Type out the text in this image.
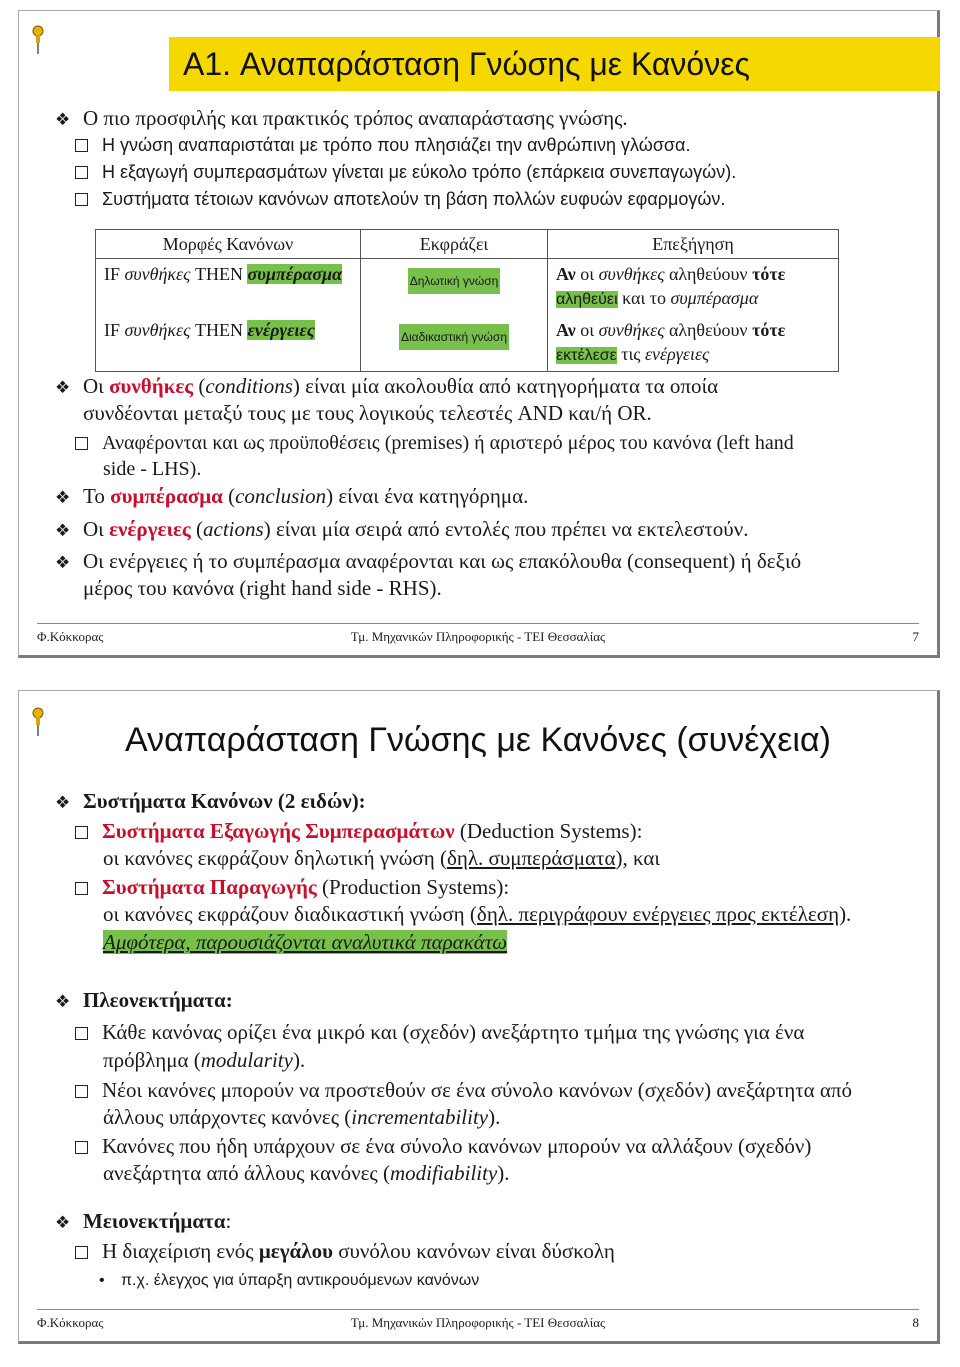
A1. Αναπαράσταση Γνώσης με Κανόνες
❖ Ο πιο προσφιλής και πρακτικός τρόπος αναπαράστασης γνώσης.
Η γνώση αναπαριστάται με τρόπο που πλησιάζει την ανθρώπινη γλώσσα.
Η εξαγωγή συμπερασμάτων γίνεται με εύκολο τρόπο (επάρκεια συνεπαγωγών).
Συστήματα τέτοιων κανόνων αποτελούν τη βάση πολλών ευφυών εφαρμογών.
Μορφές Κανόνων	Εκφράζει	Επεξήγηση
IF συνθήκες THEN συμπέρασμα	Δηλωτική γνώση	Αν οι συνθήκες αληθεύουν τότε
αληθεύει και το συμπέρασμα
IF συνθήκες THEN ενέργειες	Διαδικαστική γνώση	Αν οι συνθήκες αληθεύουν τότε
εκτέλεσε τις ενέργειες
❖ Οι συνθήκες (conditions) είναι μία ακολουθία από κατηγορήματα τα οποία
συνδέονται μεταξύ τους με τους λογικούς τελεστές AND και/ή OR.
Αναφέρονται και ως προϋποθέσεις (premises) ή αριστερό μέρος του κανόνα (left hand
side - LHS).
❖ Το συμπέρασμα (conclusion) είναι ένα κατηγόρημα.
❖ Οι ενέργειες (actions) είναι μία σειρά από εντολές που πρέπει να εκτελεστούν.
❖ Οι ενέργειες ή το συμπέρασμα αναφέρονται και ως επακόλουθα (consequent) ή δεξιό
μέρος του κανόνα (right hand side - RHS).
Φ.Κόκκορας	Τμ. Μηχανικών Πληροφορικής - ΤΕΙ Θεσσαλίας	7
Αναπαράσταση Γνώσης με Κανόνες (συνέχεια)
❖ Συστήματα Κανόνων (2 ειδών):
Συστήματα Εξαγωγής Συμπερασμάτων (Deduction Systems):
οι κανόνες εκφράζουν δηλωτική γνώση (δηλ. συμπεράσματα), και
Συστήματα Παραγωγής (Production Systems):
οι κανόνες εκφράζουν διαδικαστική γνώση (δηλ. περιγράφουν ενέργειες προς εκτέλεση).
Αμφότερα, παρουσιάζονται αναλυτικά παρακάτω
❖ Πλεονεκτήματα:
Κάθε κανόνας ορίζει ένα μικρό και (σχεδόν) ανεξάρτητο τμήμα της γνώσης για ένα
πρόβλημα (modularity).
Νέοι κανόνες μπορούν να προστεθούν σε ένα σύνολο κανόνων (σχεδόν) ανεξάρτητα από
άλλους υπάρχοντες κανόνες (incrementability).
Κανόνες που ήδη υπάρχουν σε ένα σύνολο κανόνων μπορούν να αλλάξουν (σχεδόν)
ανεξάρτητα από άλλους κανόνες (modifiability).
❖ Μειονεκτήματα:
Η διαχείριση ενός μεγάλου συνόλου κανόνων είναι δύσκολη
• π.χ. έλεγχος για ύπαρξη αντικρουόμενων κανόνων
Φ.Κόκκορας	Τμ. Μηχανικών Πληροφορικής - ΤΕΙ Θεσσαλίας	8
